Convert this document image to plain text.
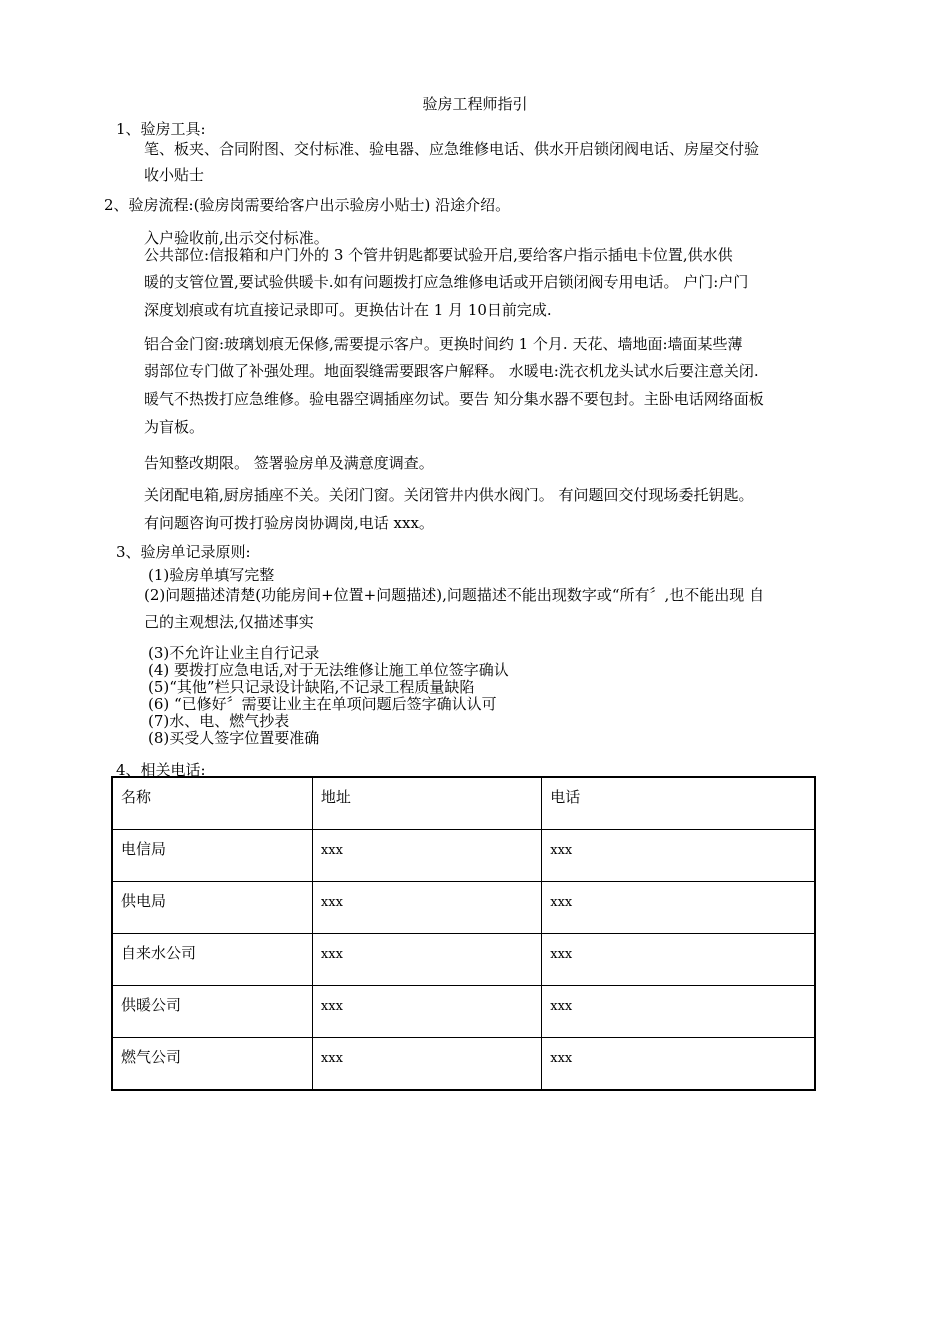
验房工程师指引
1、验房工具:
笔、板夹、合同附图、交付标准、验电器、应急维修电话、供水开启锁闭阀电话、房屋交付验
收小贴士
2、验房流程:(验房岗需要给客户出示验房小贴士) 沿途介绍。
入户验收前,出示交付标准。
公共部位:信报箱和户门外的 3 个管井钥匙都要试验开启,要给客户指示插电卡位置,供水供
暖的支管位置,要试验供暖卡.如有问题拨打应急维修电话或开启锁闭阀专用电话。 户门:户门
深度划痕或有坑直接记录即可。更换估计在 1 月 10日前完成.
铝合金门窗:玻璃划痕无保修,需要提示客户。更换时间约 1 个月. 天花、墙地面:墙面某些薄
弱部位专门做了补强处理。地面裂缝需要跟客户解释。 水暖电:洗衣机龙头试水后要注意关闭.
暖气不热拨打应急维修。验电器空调插座勿试。要告 知分集水器不要包封。主卧电话网络面板
为盲板。
告知整改期限。 签署验房单及满意度调查。
关闭配电箱,厨房插座不关。关闭门窗。关闭管井内供水阀门。 有问题回交付现场委托钥匙。
有问题咨询可拨打验房岗协调岗,电话 xxx。
3、验房单记录原则:
(1)验房单填写完整
(2)问题描述清楚(功能房间+位置+问题描述),问题描述不能出现数字或“所有〞,也不能出现 自
己的主观想法,仅描述事实
(3)不允许让业主自行记录
(4) 要拨打应急电话,对于无法维修让施工单位签字确认
(5)“其他”栏只记录设计缺陷,不记录工程质量缺陷
(6) “已修好〞需要让业主在单项问题后签字确认认可
(7)水、电、燃气抄表
(8)买受人签字位置要准确
4、相关电话:
名称	地址	电话
电信局	xxx	xxx
供电局	xxx	xxx
自来水公司	xxx	xxx
供暖公司	xxx	xxx
燃气公司	xxx	xxx
